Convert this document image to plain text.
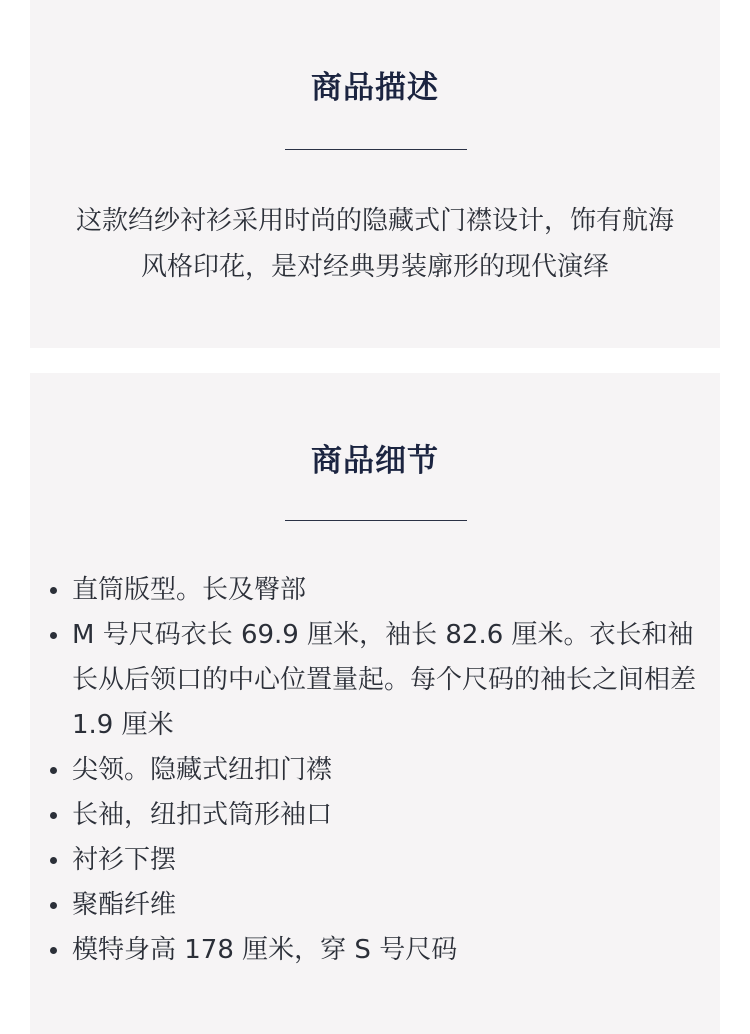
商品描述

这款绉纱衬衫采用时尚的隐藏式门襟设计，饰有航海风格印花，是对经典男装廓形的现代演绎

商品细节
直筒版型。长及臀部
M 号尺码衣长 69.9 厘米，袖长 82.6 厘米。衣长和袖长从后领口的中心位置量起。每个尺码的袖长之间相差 1.9 厘米
尖领。隐藏式纽扣门襟
长袖，纽扣式筒形袖口
衬衫下摆
聚酯纤维
模特身高 178 厘米，穿 S 号尺码
